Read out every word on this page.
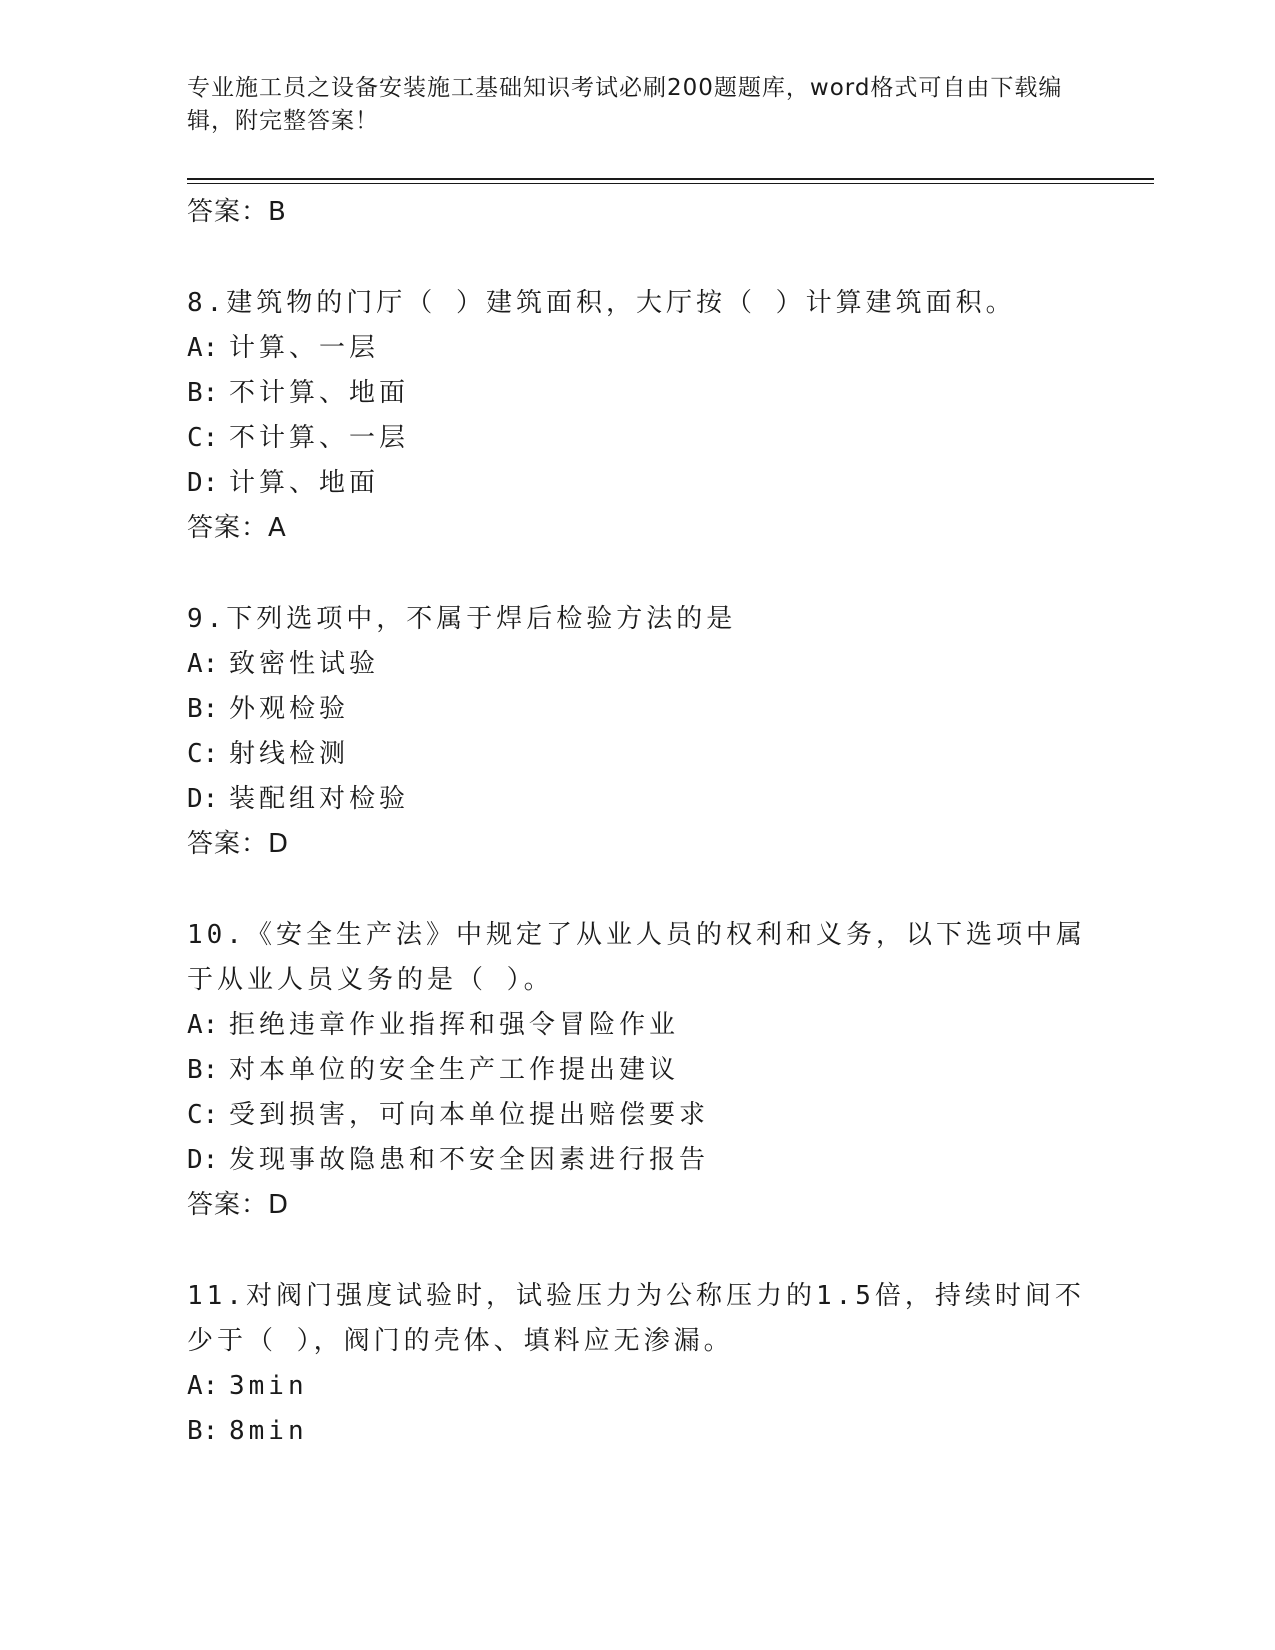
专业施工员之设备安装施工基础知识考试必刷200题题库，word格式可自由下载编辑，附完整答案！
答案：B
8.建筑物的门厅（ ）建筑面积，大厅按（ ）计算建筑面积。
A: 计算、一层
B: 不计算、地面
C: 不计算、一层
D: 计算、地面
答案：A
9.下列选项中，不属于焊后检验方法的是
A: 致密性试验
B: 外观检验
C: 射线检测
D: 装配组对检验
答案：D
10.《安全生产法》中规定了从业人员的权利和义务，以下选项中属于从业人员义务的是（ ）。
A: 拒绝违章作业指挥和强令冒险作业
B: 对本单位的安全生产工作提出建议
C: 受到损害，可向本单位提出赔偿要求
D: 发现事故隐患和不安全因素进行报告
答案：D
11.对阀门强度试验时，试验压力为公称压力的1.5倍，持续时间不少于（ ），阀门的壳体、填料应无渗漏。
A: 3min
B: 8min
